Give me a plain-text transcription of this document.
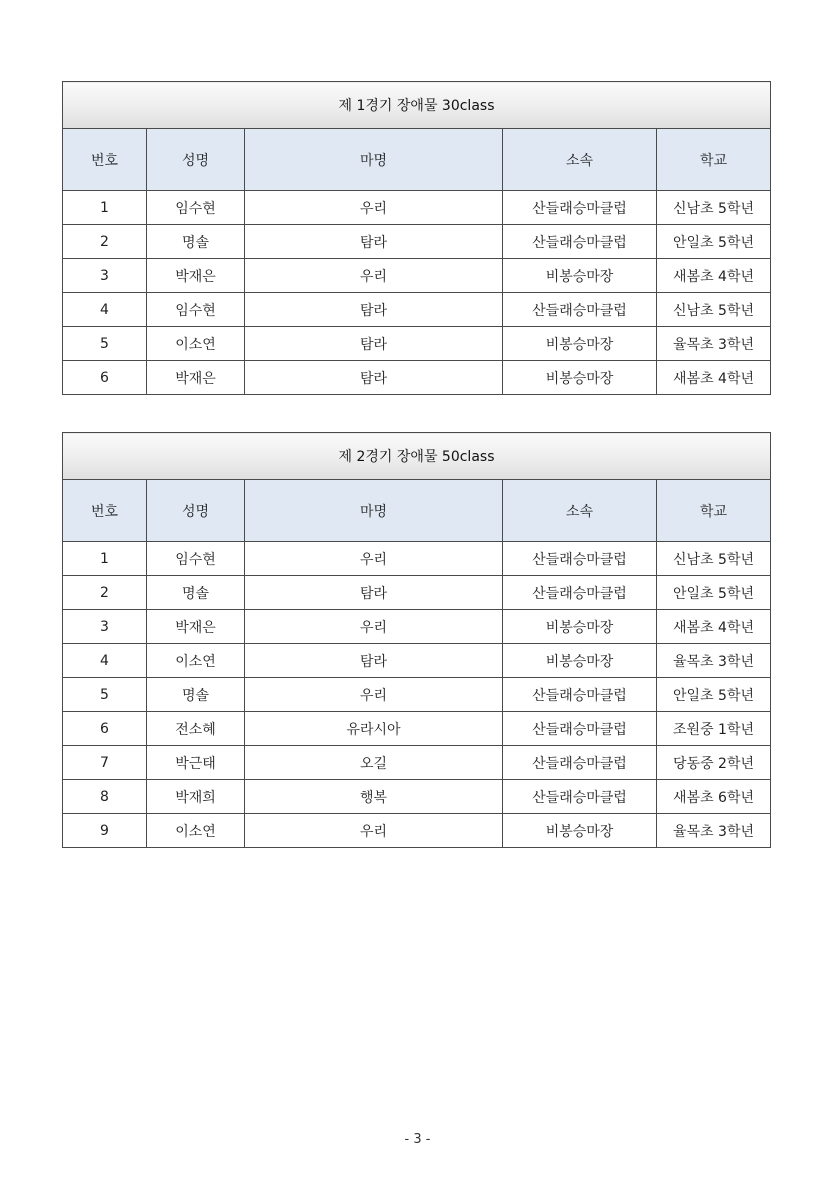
제 1경기 장애물 30class				
번호	성명	마명	소속	학교
1	임수현	우리	산들래승마클럽	신남초 5학년
2	명솔	탐라	산들래승마클럽	안일초 5학년
3	박재은	우리	비봉승마장	새봄초 4학년
4	임수현	탐라	산들래승마클럽	신남초 5학년
5	이소연	탐라	비봉승마장	율목초 3학년
6	박재은	탐라	비봉승마장	새봄초 4학년
제 2경기 장애물 50class				
번호	성명	마명	소속	학교
1	임수현	우리	산들래승마클럽	신남초 5학년
2	명솔	탐라	산들래승마클럽	안일초 5학년
3	박재은	우리	비봉승마장	새봄초 4학년
4	이소연	탐라	비봉승마장	율목초 3학년
5	명솔	우리	산들래승마클럽	안일초 5학년
6	전소혜	유라시아	산들래승마클럽	조원중 1학년
7	박근태	오길	산들래승마클럽	당동중 2학년
8	박재희	행복	산들래승마클럽	새봄초 6학년
9	이소연	우리	비봉승마장	율목초 3학년
- 3 -
